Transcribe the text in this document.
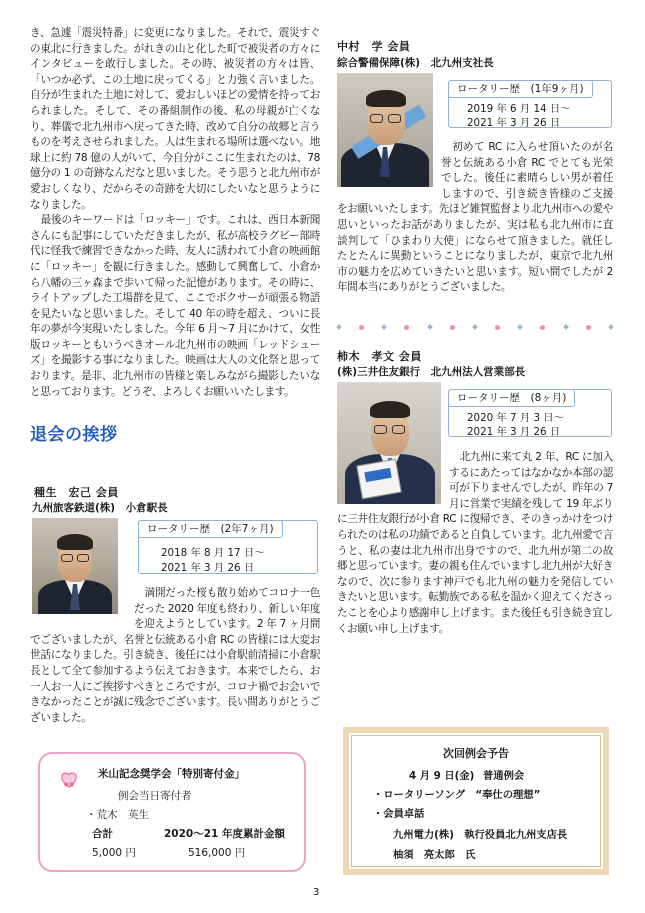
き、急遽「震災特番」に変更になりました。それで、震災すぐの東北に行きました。がれきの山と化した町で被災者の方々にインタビューを敢行しました。その時、被災者の方々は皆、「いつか必ず、この土地に戻ってくる」と力強く言いました。自分が生まれた土地に対して、愛おしいほどの愛情を持っておられました。そして、その番組制作の後、私の母親が亡くなり、葬儀で北九州市へ戻ってきた時、改めて自分の故郷と言うものを考えさせられました。人は生まれる場所は選べない。地球上に約 78 億の人がいて、今自分がここに生まれたのは、78 億分の 1 の奇跡なんだなと思いました。そう思うと北九州市が愛おしくなり、だからその奇跡を大切にしたいなと思うようになりました。

最後のキーワードは「ロッキー」です。これは、西日本新聞さんにも記事にしていただきましたが、私が高校ラグビー部時代に怪我で練習できなかった時、友人に誘われて小倉の映画館に「ロッキー」を観に行きました。感動して興奮して、小倉から八幡の三ヶ森まで歩いて帰った記憶があります。その時に、ライトアップした工場群を見て、ここでボクサーが頑張る物語を見たいなと思いました。そして 40 年の時を超え、ついに長年の夢が今実現いたしました。今年 6 月〜7 月にかけて、女性版ロッキーともいうべきオール北九州市の映画「レッドシューズ」を撮影する事になりました。映画は大人の文化祭と思っております。是非、北九州市の皆様と楽しみながら撮影したいなと思っております。どうぞ、よろしくお願いいたします。

退会の挨拶
種生　宏己 会員
九州旅客鉄道(株)　小倉駅長
ロータリー歴　(2年7ヶ月)
2018 年 8 月 17 日〜
2021 年 3 月 26 日
満開だった桜も散り始めてコロナ一色だった 2020 年度も終わり、新しい年度を迎えようとしています。2 年 7 ヶ月間でございましたが、名誉と伝統ある小倉 RC の皆様には大変お世話になりました。引き続き、後任には小倉駅前清掃に小倉駅長として全て参加するよう伝えておきます。本来でしたら、お一人お一人にご挨拶すべきところですが、コロナ禍でお会いできなかったことが誠に残念でございます。長い間ありがとうございました。
米山記念奨学会「特別寄付金」
例会当日寄付者
・荒木　英生
合計	2020〜21 年度累計金額
5,000 円	516,000 円
中村　学 会員
綜合警備保障(株)　北九州支社長
ロータリー歴　(1年9ヶ月)
2019 年 6 月 14 日〜
2021 年 3 月 26 日
初めて RC に入らせ頂いたのが名誉と伝統ある小倉 RC でとても光栄でした。後任に素晴らしい男が着任しますので、引き続き皆様のご支援をお願いいたします。先ほど雑賀監督より北九州市への愛や思いといったお話がありましたが、実は私も北九州市に直談判して「ひまわり大使」にならせて頂きました。就任したとたんに異動ということになりましたが、東京で北九州市の魅力を広めていきたいと思います。短い間でしたが 2 年間本当にありがとうございました。
柿木　孝文 会員
(株)三井住友銀行　北九州法人営業部長
ロータリー歴　(8ヶ月)
2020 年 7 月 3 日〜
2021 年 3 月 26 日
北九州に来て丸 2 年、RC に加入するにあたってはなかなか本部の認可が下りませんでしたが、昨年の 7 月に営業で実績を残して 19 年ぶりに三井住友銀行が小倉 RC に復帰でき、そのきっかけをつけられたのは私の功績であると自負しています。北九州愛で言うと、私の妻は北九州市出身ですので、北九州が第二の故郷と思っています。妻の親も住んでいますし北九州が大好きなので、次に参ります神戸でも北九州の魅力を発信していきたいと思います。転勤族である私を温かく迎えてくださったことを心より感謝申し上げます。また後任も引き続き宜しくお願い申し上げます。
次回例会予告
4 月 9 日(金) 普通例会
・ロータリーソング　“奉仕の理想”
・会員卓話
九州電力(株)　執行役員北九州支店長
柚須　亮太郎　氏
3
